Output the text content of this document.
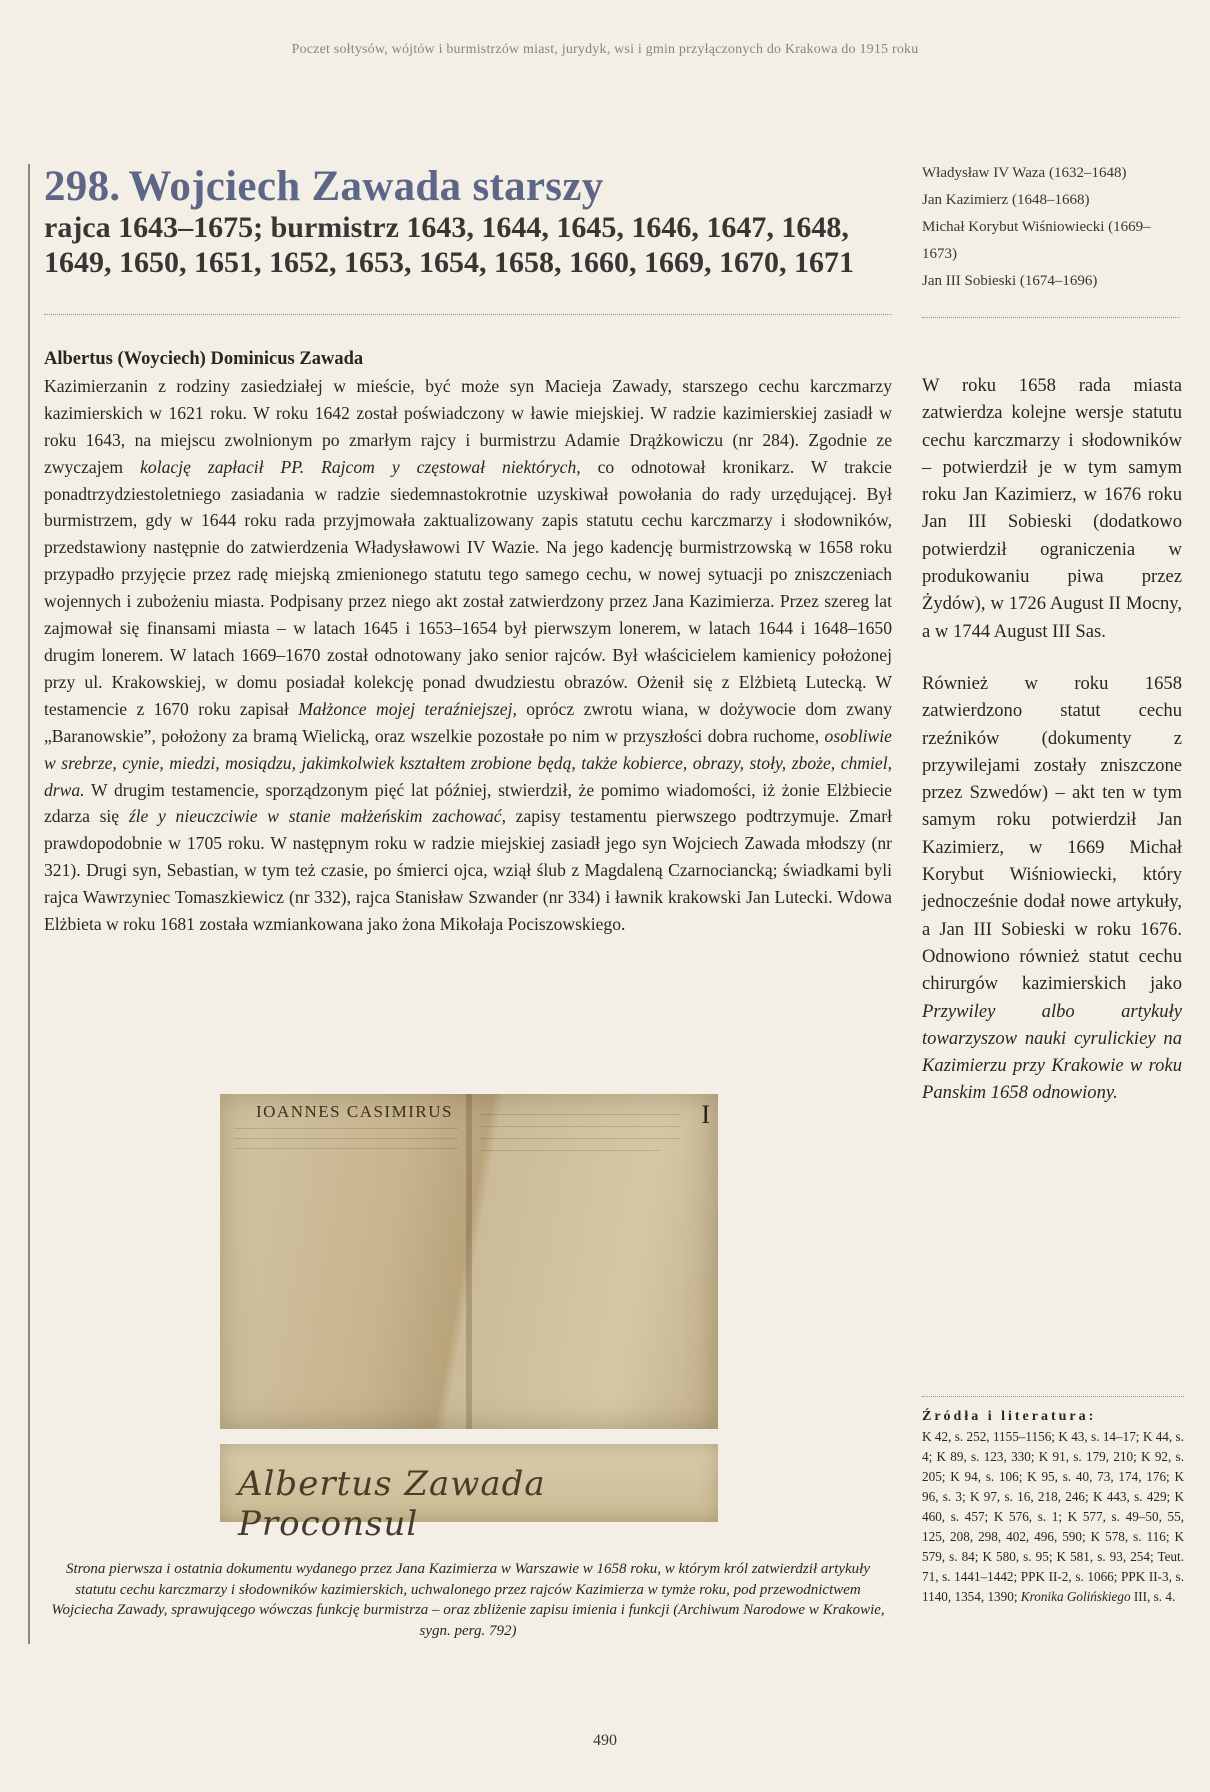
Poczet sołtysów, wójtów i burmistrzów miast, jurydyk, wsi i gmin przyłączonych do Krakowa do 1915 roku
298. Wojciech Zawada starszy

rajca 1643–1675; burmistrz 1643, 1644, 1645, 1646, 1647, 1648, 1649, 1650, 1651, 1652, 1653, 1654, 1658, 1660, 1669, 1670, 1671

Albertus (Woyciech) Dominicus Zawada

Kazimierzanin z rodziny zasiedziałej w mieście, być może syn Macieja Zawady, starszego cechu karczmarzy kazimierskich w 1621 roku. W roku 1642 został poświadczony w ławie miejskiej. W radzie kazimierskiej zasiadł w roku 1643, na miejscu zwolnionym po zmarłym rajcy i burmistrzu Adamie Drążkowiczu (nr 284). Zgodnie ze zwyczajem kolację zapłacił PP. Rajcom y częstował niektórych, co odnotował kronikarz. W trakcie ponadtrzydziestoletniego zasiadania w radzie siedemnastokrotnie uzyskiwał powołania do rady urzędującej. Był burmistrzem, gdy w 1644 roku rada przyjmowała zaktualizowany zapis statutu cechu karczmarzy i słodowników, przedstawiony następnie do zatwierdzenia Władysławowi IV Wazie. Na jego kadencję burmistrzowską w 1658 roku przypadło przyjęcie przez radę miejską zmienionego statutu tego samego cechu, w nowej sytuacji po zniszczeniach wojennych i zubożeniu miasta. Podpisany przez niego akt został zatwierdzony przez Jana Kazimierza. Przez szereg lat zajmował się finansami miasta – w latach 1645 i 1653–1654 był pierwszym lonerem, w latach 1644 i 1648–1650 drugim lonerem. W latach 1669–1670 został odnotowany jako senior rajców. Był właścicielem kamienicy położonej przy ul. Krakowskiej, w domu posiadał kolekcję ponad dwudziestu obrazów. Ożenił się z Elżbietą Lutecką. W testamencie z 1670 roku zapisał Małżonce mojej teraźniejszej, oprócz zwrotu wiana, w dożywocie dom zwany „Baranowskie”, położony za bramą Wielicką, oraz wszelkie pozostałe po nim w przyszłości dobra ruchome, osobliwie w srebrze, cynie, miedzi, mosiądzu, jakimkolwiek kształtem zrobione będą, także kobierce, obrazy, stoły, zboże, chmiel, drwa. W drugim testamencie, sporządzonym pięć lat później, stwierdził, że pomimo wiadomości, iż żonie Elżbiecie zdarza się źle y nieuczciwie w stanie małżeńskim zachować, zapisy testamentu pierwszego podtrzymuje. Zmarł prawdopodobnie w 1705 roku. W następnym roku w radzie miejskiej zasiadł jego syn Wojciech Zawada młodszy (nr 321). Drugi syn, Sebastian, w tym też czasie, po śmierci ojca, wziął ślub z Magdaleną Czarnociancką; świadkami byli rajca Wawrzyniec Tomaszkiewicz (nr 332), rajca Stanisław Szwander (nr 334) i ławnik krakowski Jan Lutecki. Wdowa Elżbieta w roku 1681 została wzmiankowana jako żona Mikołaja Pociszowskiego.

IOANNES CASIMIRUS	I
Albertus Zawada Proconsul
Strona pierwsza i ostatnia dokumentu wydanego przez Jana Kazimierza w Warszawie w 1658 roku, w którym król zatwierdził artykuły statutu cechu karczmarzy i słodowników kazimierskich, uchwalonego przez rajców Kazimierza w tymże roku, pod przewodnictwem Wojciecha Zawady, sprawującego wówczas funkcję burmistrza – oraz zbliżenie zapisu imienia i funkcji (Archiwum Narodowe w Krakowie, sygn. perg. 792)
Władysław IV Waza (1632–1648)
Jan Kazimierz (1648–1668)
Michał Korybut Wiśniowiecki (1669–1673)
Jan III Sobieski (1674–1696)

W roku 1658 rada miasta zatwierdza kolejne wersje statutu cechu karczmarzy i słodowników – potwierdził je w tym samym roku Jan Kazimierz, w 1676 roku Jan III Sobieski (dodatkowo potwierdził ograniczenia w produkowaniu piwa przez Żydów), w 1726 August II Mocny, a w 1744 August III Sas.

Również w roku 1658 zatwierdzono statut cechu rzeźników (dokumenty z przywilejami zostały zniszczone przez Szwedów) – akt ten w tym samym roku potwierdził Jan Kazimierz, w 1669 Michał Korybut Wiśniowiecki, który jednocześnie dodał nowe artykuły, a Jan III Sobieski w roku 1676. Odnowiono również statut cechu chirurgów kazimierskich jako Przywiley albo artykuły towarzyszow nauki cyrulickiey na Kazimierzu przy Krakowie w roku Panskim 1658 odnowiony.

Źródła i literatura:

K 42, s. 252, 1155–1156; K 43, s. 14–17; K 44, s. 4; K 89, s. 123, 330; K 91, s. 179, 210; K 92, s. 205; K 94, s. 106; K 95, s. 40, 73, 174, 176; K 96, s. 3; K 97, s. 16, 218, 246; K 443, s. 429; K 460, s. 457; K 576, s. 1; K 577, s. 49–50, 55, 125, 208, 298, 402, 496, 590; K 578, s. 116; K 579, s. 84; K 580, s. 95; K 581, s. 93, 254; Teut. 71, s. 1441–1442; PPK II-2, s. 1066; PPK II-3, s. 1140, 1354, 1390; Kronika Golińskiego III, s. 4.

490
